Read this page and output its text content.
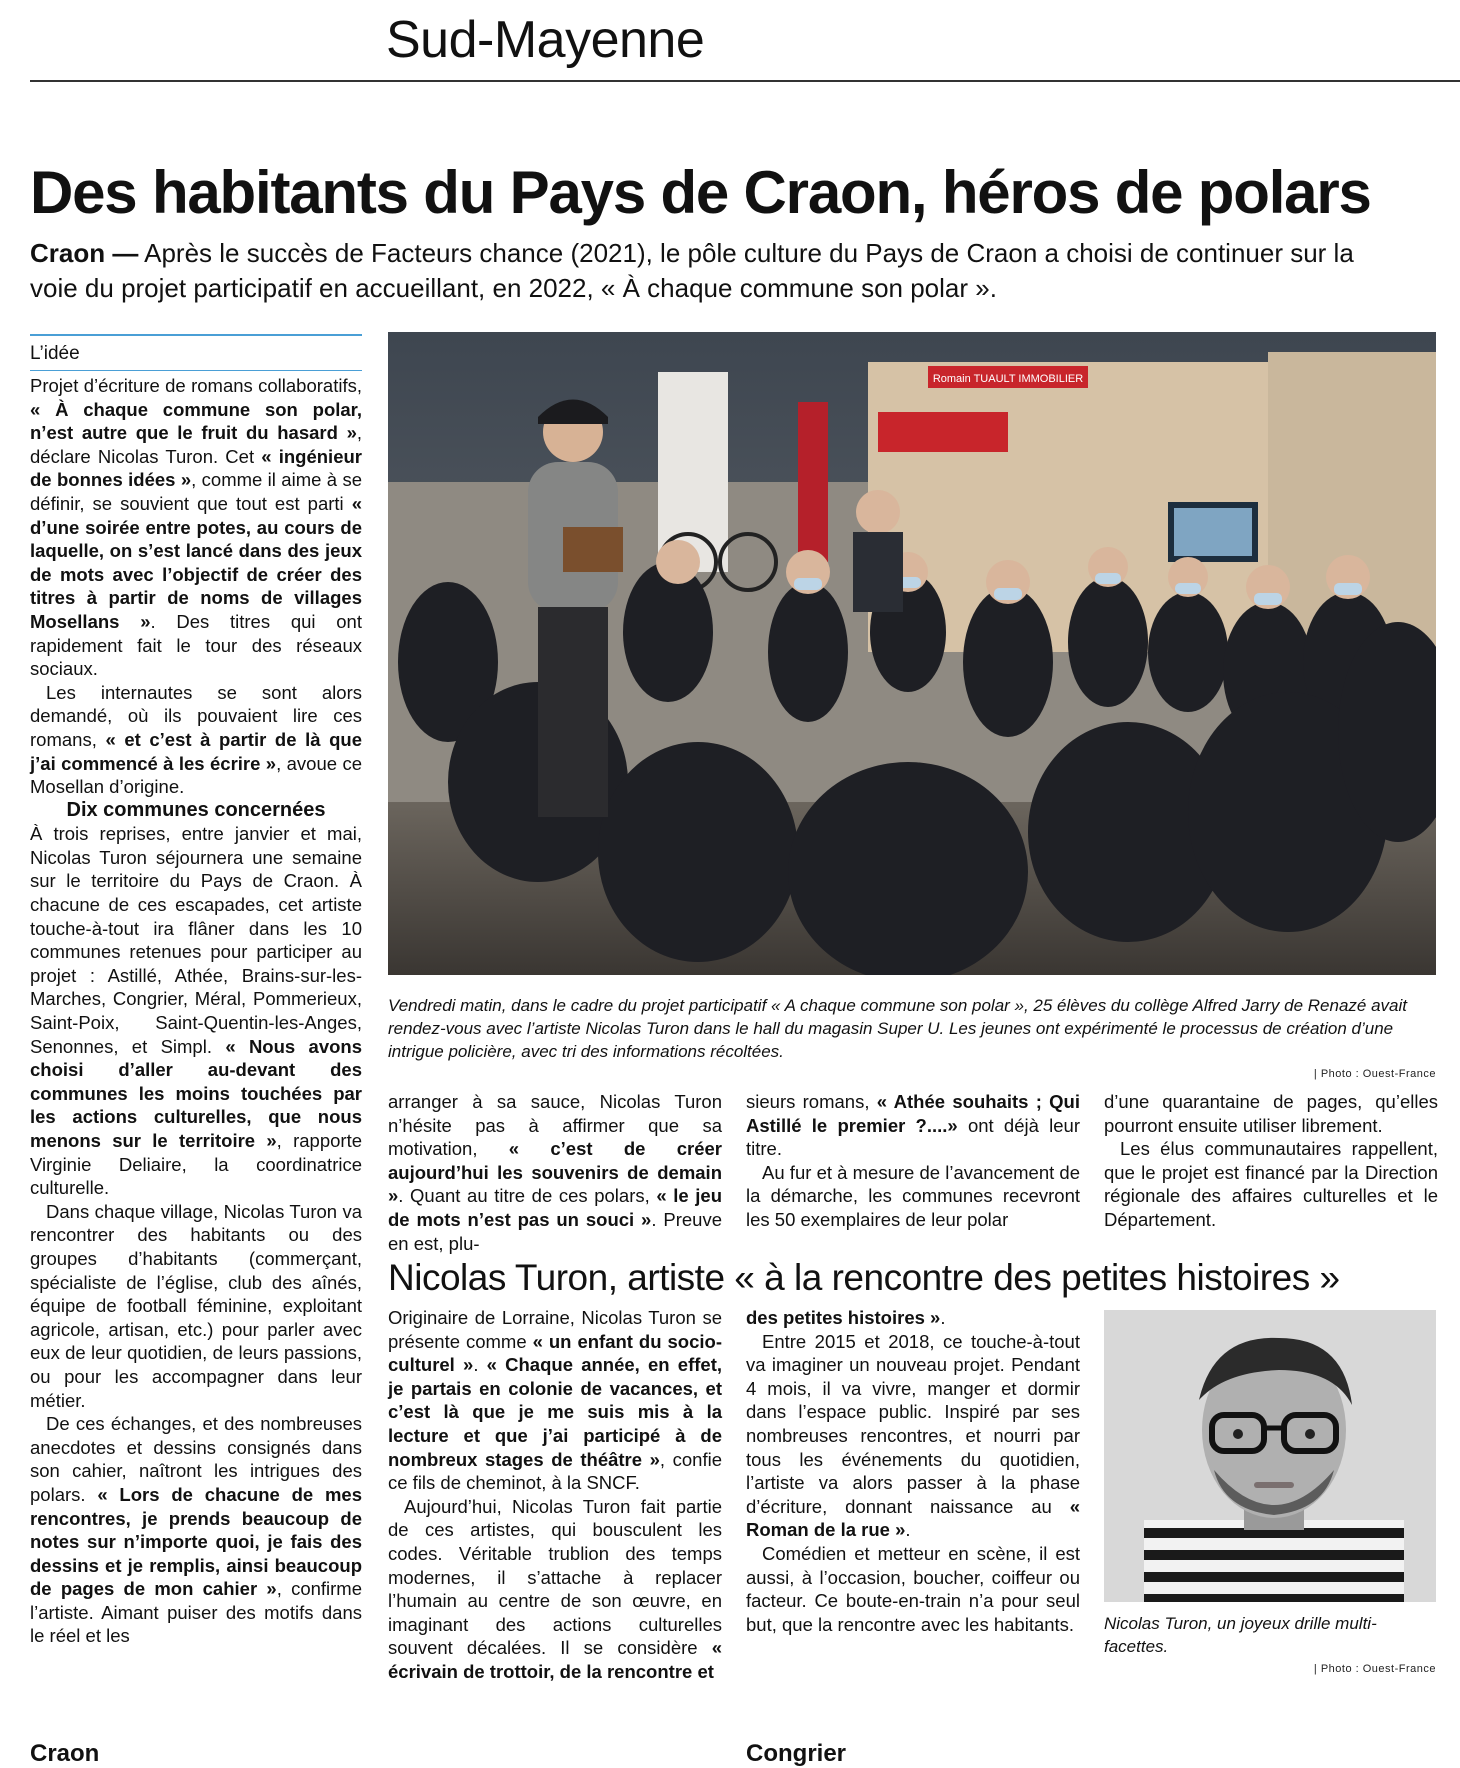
Sud-Mayenne
Des habitants du Pays de Craon, héros de polars
Craon — Après le succès de Facteurs chance (2021), le pôle culture du Pays de Craon a choisi de continuer sur la voie du projet participatif en accueillant, en 2022, « À chaque commune son polar ».
L’idée

Projet d’écriture de romans collaboratifs, « À chaque commune son polar, n’est autre que le fruit du hasard », déclare Nicolas Turon. Cet « ingénieur de bonnes idées », comme il aime à se définir, se souvient que tout est parti « d’une soirée entre potes, au cours de laquelle, on s’est lancé dans des jeux de mots avec l’objectif de créer des titres à partir de noms de villages Mosellans ». Des titres qui ont rapidement fait le tour des réseaux sociaux.

Les internautes se sont alors demandé, où ils pouvaient lire ces romans, « et c’est à partir de là que j’ai commencé à les écrire », avoue ce Mosellan d’origine.

Dix communes concernées

À trois reprises, entre janvier et mai, Nicolas Turon séjournera une semaine sur le territoire du Pays de Craon. À chacune de ces escapades, cet artiste touche-à-tout ira flâner dans les 10 communes retenues pour participer au projet : Astillé, Athée, Brains-sur-les-Marches, Congrier, Méral, Pommerieux, Saint-Poix, Saint-Quentin-les-Anges, Senonnes, et Simpl. « Nous avons choisi d’aller au-devant des communes les moins touchées par les actions culturelles, que nous menons sur le territoire », rapporte Virginie Deliaire, la coordinatrice culturelle.

Dans chaque village, Nicolas Turon va rencontrer des habitants ou des groupes d’habitants (commerçant, spécialiste de l’église, club des aînés, équipe de football féminine, exploitant agricole, artisan, etc.) pour parler avec eux de leur quotidien, de leurs passions, ou pour les accompagner dans leur métier.

De ces échanges, et des nombreuses anecdotes et dessins consignés dans son cahier, naîtront les intrigues des polars. « Lors de chacune de mes rencontres, je prends beaucoup de notes sur n’importe quoi, je fais des dessins et je remplis, ainsi beaucoup de pages de mon cahier », confirme l’artiste. Aimant puiser des motifs dans le réel et les

Romain TUAULT IMMOBILIER
Vendredi matin, dans le cadre du projet participatif « A chaque commune son polar », 25 élèves du collège Alfred Jarry de Renazé avait rendez-vous avec l’artiste Nicolas Turon dans le hall du magasin Super U. Les jeunes ont expérimenté le processus de création d’une intrigue policière, avec tri des informations récoltées.
| Photo : Ouest-France

arranger à sa sauce, Nicolas Turon n’hésite pas à affirmer que sa motivation, « c’est de créer aujourd’hui les souvenirs de demain ». Quant au titre de ces polars, « le jeu de mots n’est pas un souci ». Preuve en est, plu-

sieurs romans, « Athée souhaits ; Qui Astillé le premier ?....» ont déjà leur titre.

Au fur et à mesure de l’avancement de la démarche, les communes recevront les 50 exemplaires de leur polar

d’une quarantaine de pages, qu’elles pourront ensuite utiliser librement.

Les élus communautaires rappellent, que le projet est financé par la Direction régionale des affaires culturelles et le Département.

Nicolas Turon, artiste « à la rencontre des petites histoires »

Originaire de Lorraine, Nicolas Turon se présente comme « un enfant du socio-culturel ». « Chaque année, en effet, je partais en colonie de vacances, et c’est là que je me suis mis à la lecture et que j’ai participé à de nombreux stages de théâtre », confie ce fils de cheminot, à la SNCF.

Aujourd’hui, Nicolas Turon fait partie de ces artistes, qui bousculent les codes. Véritable trublion des temps modernes, il s’attache à replacer l’humain au centre de son œuvre, en imaginant des actions culturelles souvent décalées. Il se considère « écrivain de trottoir, de la rencontre et

des petites histoires ».

Entre 2015 et 2018, ce touche-à-tout va imaginer un nouveau projet. Pendant 4 mois, il va vivre, manger et dormir dans l’espace public. Inspiré par ses nombreuses rencontres, et nourri par tous les événements du quotidien, l’artiste va alors passer à la phase d’écriture, donnant naissance au « Roman de la rue ».

Comédien et metteur en scène, il est aussi, à l’occasion, boucher, coiffeur ou facteur. Ce boute-en-train n’a pour seul but, que la rencontre avec les habitants.	Nicolas Turon, un joyeux drille multi-facettes.
| Photo : Ouest-France
Craon	Congrier
